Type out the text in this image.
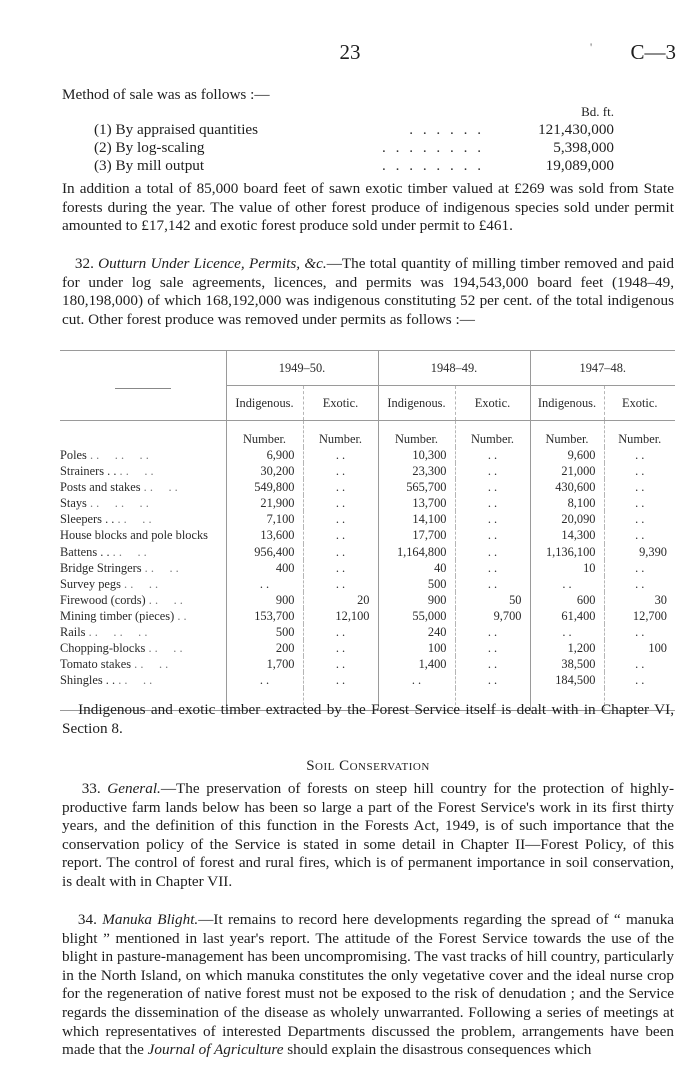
23	' C—3

Method of sale was as follows :—

Bd. ft.
(1) By appraised quantities	. . . . . .	121,430,000
(2) By log-scaling	. . . . . . . .	5,398,000
(3) By mill output	. . . . . . . .	19,089,000

In addition a total of 85,000 board feet of sawn exotic timber valued at £269 was sold from State forests during the year. The value of other forest produce of indigenous species sold under permit amounted to £17,142 and exotic forest produce sold under permit to £461.

32. Outturn Under Licence, Permits, &c.—The total quantity of milling timber removed and paid for under log sale agreements, licences, and permits was 194,543,000 board feet (1948–49, 180,198,000) of which 168,192,000 was indigenous constituting 52 per cent. of the total indigenous cut. Other forest produce was removed under permits as follows :—

	1949–50.		1948–49.		1947–48.	
	Indigenous.	Exotic.	Indigenous.	Exotic.	Indigenous.	Exotic.
	Number.	Number.	Number.	Number.	Number.	Number.
Poles . .     . .     . .	6,900	. .	10,300	. .	9,600	. .
Strainers . . . .     . .	30,200	. .	23,300	. .	21,000	. .
Posts and stakes . .     . .	549,800	. .	565,700	. .	430,600	. .
Stays . .     . .     . .	21,900	. .	13,700	. .	8,100	. .
Sleepers . . . .     . .	7,100	. .	14,100	. .	20,090	. .
House blocks and pole blocks	13,600	. .	17,700	. .	14,300	. .
Battens . . . .     . .	956,400	. .	1,164,800	. .	1,136,100	9,390
Bridge Stringers . .     . .	400	. .	40	. .	10	. .
Survey pegs . .     . .	. .	. .	500	. .	. .	. .
Firewood (cords) . .     . .	900	20	900	50	600	30
Mining timber (pieces) . .	153,700	12,100	55,000	9,700	61,400	12,700
Rails . .     . .     . .	500	. .	240	. .	. .	. .
Chopping-blocks . .     . .	200	. .	100	. .	1,200	100
Tomato stakes . .     . .	1,700	. .	1,400	. .	38,500	. .
Shingles . . . .     . .	. .	. .	. .	. .	184,500	. .

Indigenous and exotic timber extracted by the Forest Service itself is dealt with in Chapter VI, Section 8.

Soil Conservation

33. General.—The preservation of forests on steep hill country for the protection of highly-productive farm lands below has been so large a part of the Forest Service's work in its first thirty years, and the definition of this function in the Forests Act, 1949, is of such importance that the conservation policy of the Service is stated in some detail in Chapter II—Forest Policy, of this report. The control of forest and rural fires, which is of permanent importance in soil conservation, is dealt with in Chapter VII.

34. Manuka Blight.—It remains to record here developments regarding the spread of “ manuka blight ” mentioned in last year's report. The attitude of the Forest Service towards the use of the blight in pasture-management has been uncompromising. The vast tracks of hill country, particularly in the North Island, on which manuka constitutes the only vegetative cover and the ideal nurse crop for the regeneration of native forest must not be exposed to the risk of denudation ; and the Service regards the dissemination of the disease as wholely unwarranted. Following a series of meetings at which representatives of interested Departments discussed the problem, arrangements have been made that the Journal of Agriculture should explain the disastrous consequences which
